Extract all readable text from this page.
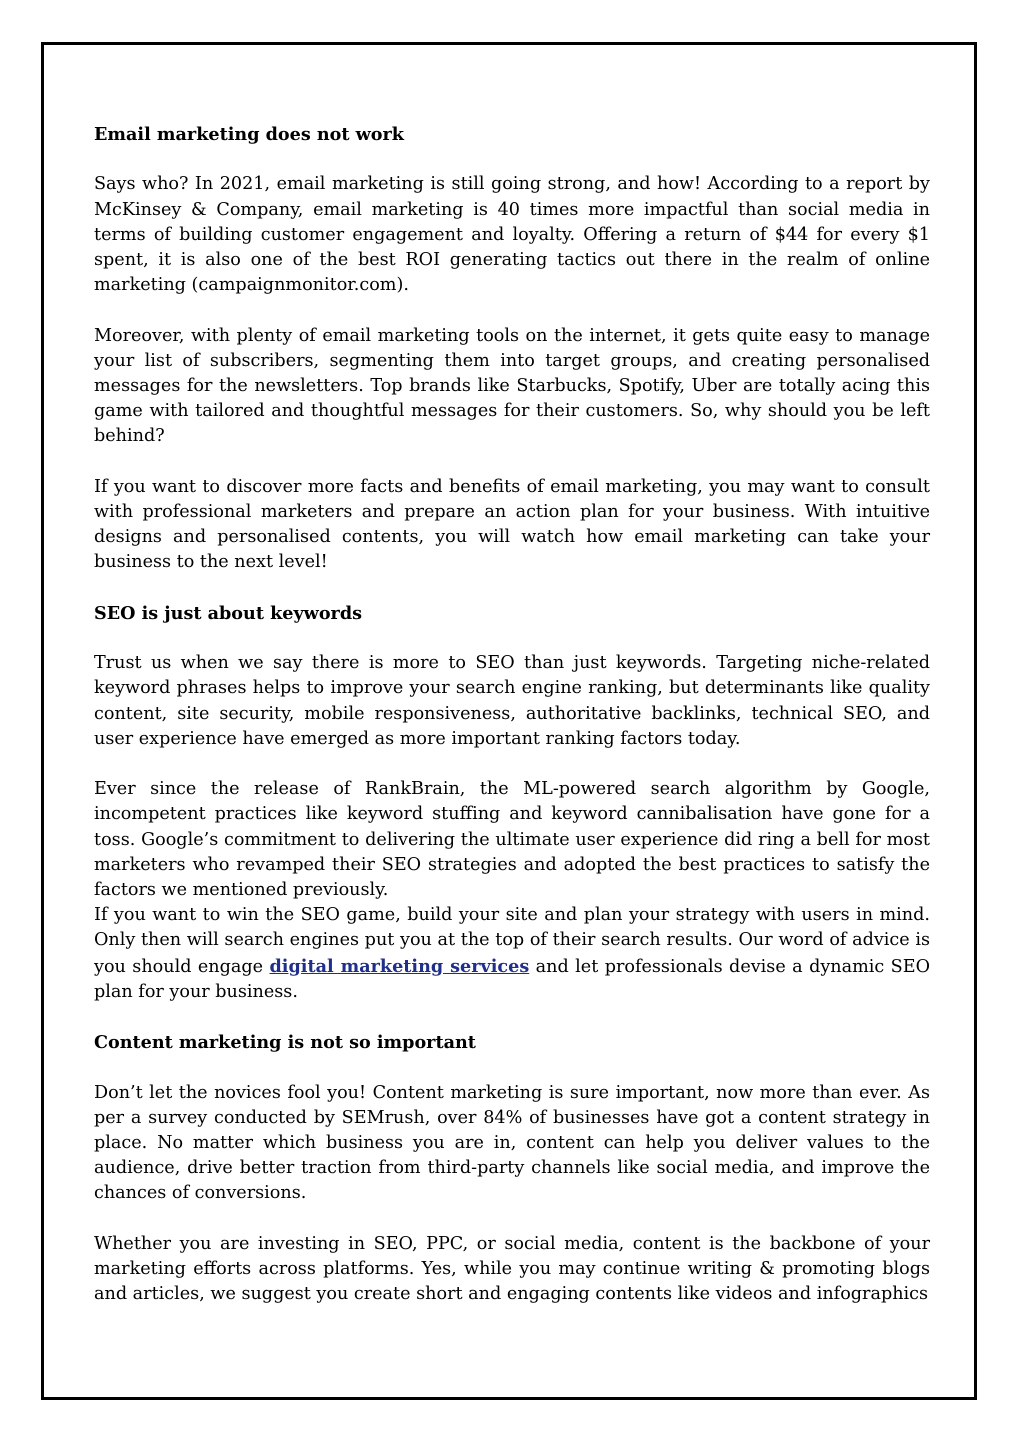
Email marketing does not work

Says who? In 2021, email marketing is still going strong, and how! According to a report by McKinsey & Company, email marketing is 40 times more impactful than social media in terms of building customer engagement and loyalty. Offering a return of $44 for every $1 spent, it is also one of the best ROI generating tactics out there in the realm of online marketing (campaignmonitor.com).

Moreover, with plenty of email marketing tools on the internet, it gets quite easy to manage your list of subscribers, segmenting them into target groups, and creating personalised messages for the newsletters. Top brands like Starbucks, Spotify, Uber are totally acing this game with tailored and thoughtful messages for their customers. So, why should you be left behind?

If you want to discover more facts and benefits of email marketing, you may want to consult with professional marketers and prepare an action plan for your business. With intuitive designs and personalised contents, you will watch how email marketing can take your business to the next level!

SEO is just about keywords

Trust us when we say there is more to SEO than just keywords. Targeting niche-related keyword phrases helps to improve your search engine ranking, but determinants like quality content, site security, mobile responsiveness, authoritative backlinks, technical SEO, and user experience have emerged as more important ranking factors today.

Ever since the release of RankBrain, the ML-powered search algorithm by Google, incompetent practices like keyword stuffing and keyword cannibalisation have gone for a toss. Google’s commitment to delivering the ultimate user experience did ring a bell for most marketers who revamped their SEO strategies and adopted the best practices to satisfy the factors we mentioned previously.

If you want to win the SEO game, build your site and plan your strategy with users in mind. Only then will search engines put you at the top of their search results. Our word of advice is you should engage digital marketing services and let professionals devise a dynamic SEO plan for your business.

Content marketing is not so important

Don’t let the novices fool you! Content marketing is sure important, now more than ever. As per a survey conducted by SEMrush, over 84% of businesses have got a content strategy in place. No matter which business you are in, content can help you deliver values to the audience, drive better traction from third-party channels like social media, and improve the chances of conversions.

Whether you are investing in SEO, PPC, or social media, content is the backbone of your marketing efforts across platforms. Yes, while you may continue writing & promoting blogs and articles, we suggest you create short and engaging contents like videos and infographics
